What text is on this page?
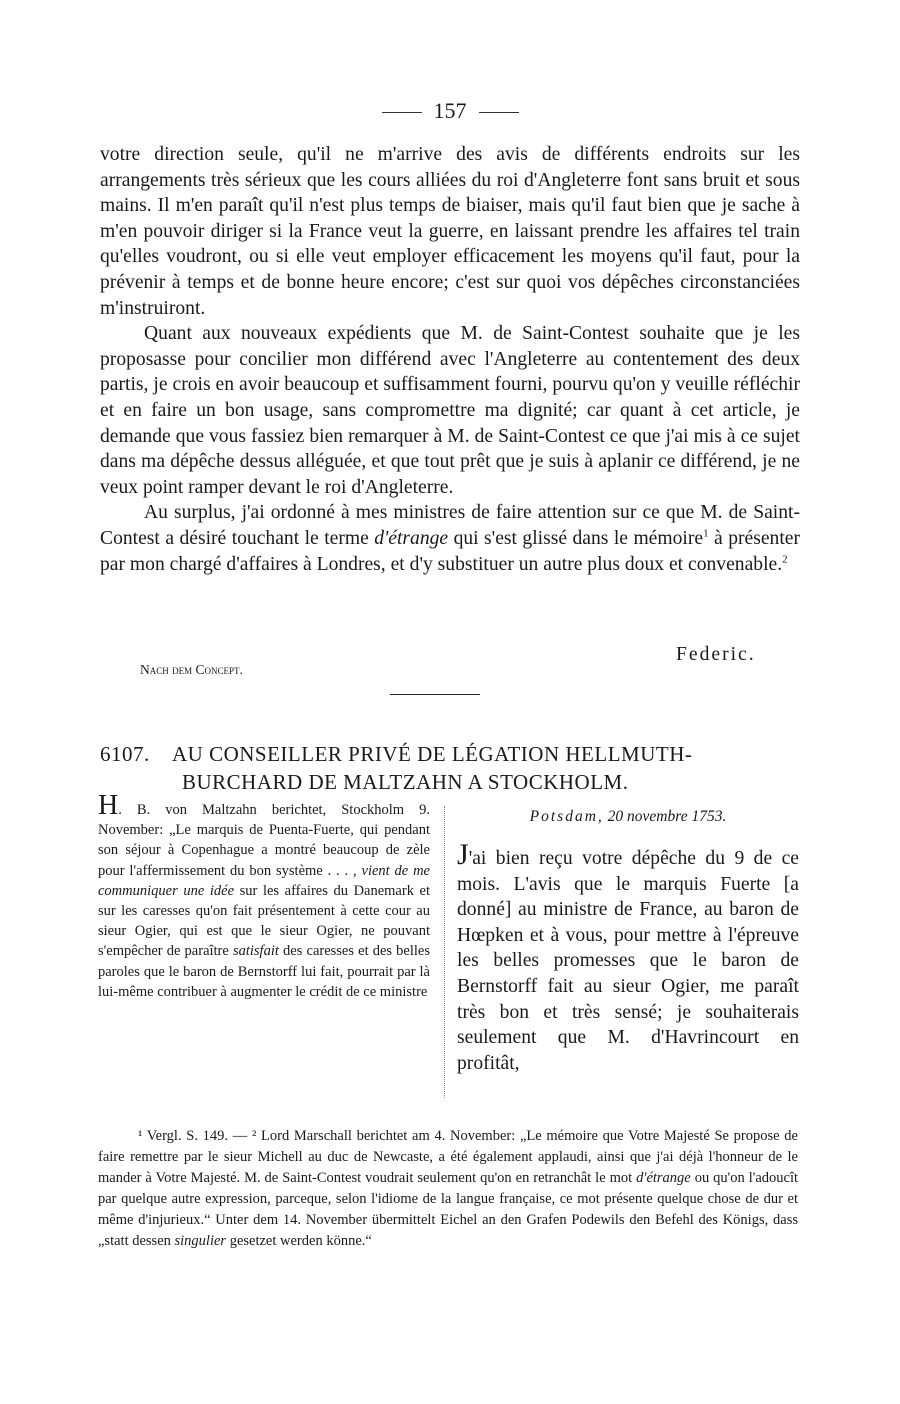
157

votre direction seule, qu'il ne m'arrive des avis de différents endroits sur les arrangements très sérieux que les cours alliées du roi d'Angleterre font sans bruit et sous mains. Il m'en paraît qu'il n'est plus temps de biaiser, mais qu'il faut bien que je sache à m'en pouvoir diriger si la France veut la guerre, en laissant prendre les affaires tel train qu'elles voudront, ou si elle veut employer efficacement les moyens qu'il faut, pour la prévenir à temps et de bonne heure encore; c'est sur quoi vos dépêches circonstanciées m'instruiront.

Quant aux nouveaux expédients que M. de Saint-Contest souhaite que je les proposasse pour concilier mon différend avec l'Angleterre au contentement des deux partis, je crois en avoir beaucoup et suffisamment fourni, pourvu qu'on y veuille réfléchir et en faire un bon usage, sans compromettre ma dignité; car quant à cet article, je demande que vous fassiez bien remarquer à M. de Saint-Contest ce que j'ai mis à ce sujet dans ma dépêche dessus alléguée, et que tout prêt que je suis à aplanir ce différend, je ne veux point ramper devant le roi d'Angleterre.

Au surplus, j'ai ordonné à mes ministres de faire attention sur ce que M. de Saint-Contest a désiré touchant le terme d'étrange qui s'est glissé dans le mémoire$^1$ à présenter par mon chargé d'affaires à Londres, et d'y substituer un autre plus doux et convenable.$^2$

Federic.
Nach dem Concept.
6107. AU CONSEILLER PRIVÉ DE LÉGATION HELLMUTH-
BURCHARD DE MALTZAHN A STOCKHOLM.
H. B. von Maltzahn berichtet, Stockholm 9. November: „Le marquis de Puenta-Fuerte, qui pendant son séjour à Copenhague a montré beaucoup de zèle pour l'affermissement du bon système . . . , vient de me communiquer une idée sur les affaires du Danemark et sur les caresses qu'on fait présentement à cette cour au sieur Ogier, qui est que le sieur Ogier, ne pouvant s'empêcher de paraître satisfait des caresses et des belles paroles que le baron de Bernstorff lui fait, pourrait par là lui-même contribuer à augmenter le crédit de ce ministre
Potsdam, 20 novembre 1753.
J'ai bien reçu votre dépêche du 9 de ce mois. L'avis que le marquis Fuerte [a donné] au ministre de France, au baron de Hœpken et à vous, pour mettre à l'épreuve les belles promesses que le baron de Bernstorff fait au sieur Ogier, me paraît très bon et très sensé; je souhaiterais seulement que M. d'Havrincourt en profitât,

¹ Vergl. S. 149. — ² Lord Marschall berichtet am 4. November: „Le mémoire que Votre Majesté Se propose de faire remettre par le sieur Michell au duc de Newcaste, a été également applaudi, ainsi que j'ai déjà l'honneur de le mander à Votre Majesté. M. de Saint-Contest voudrait seulement qu'on en retranchât le mot d'étrange ou qu'on l'adoucît par quelque autre expression, parceque, selon l'idiome de la langue française, ce mot présente quelque chose de dur et même d'injurieux.“ Unter dem 14. November übermittelt Eichel an den Grafen Podewils den Befehl des Königs, dass „statt dessen singulier gesetzet werden könne.“
